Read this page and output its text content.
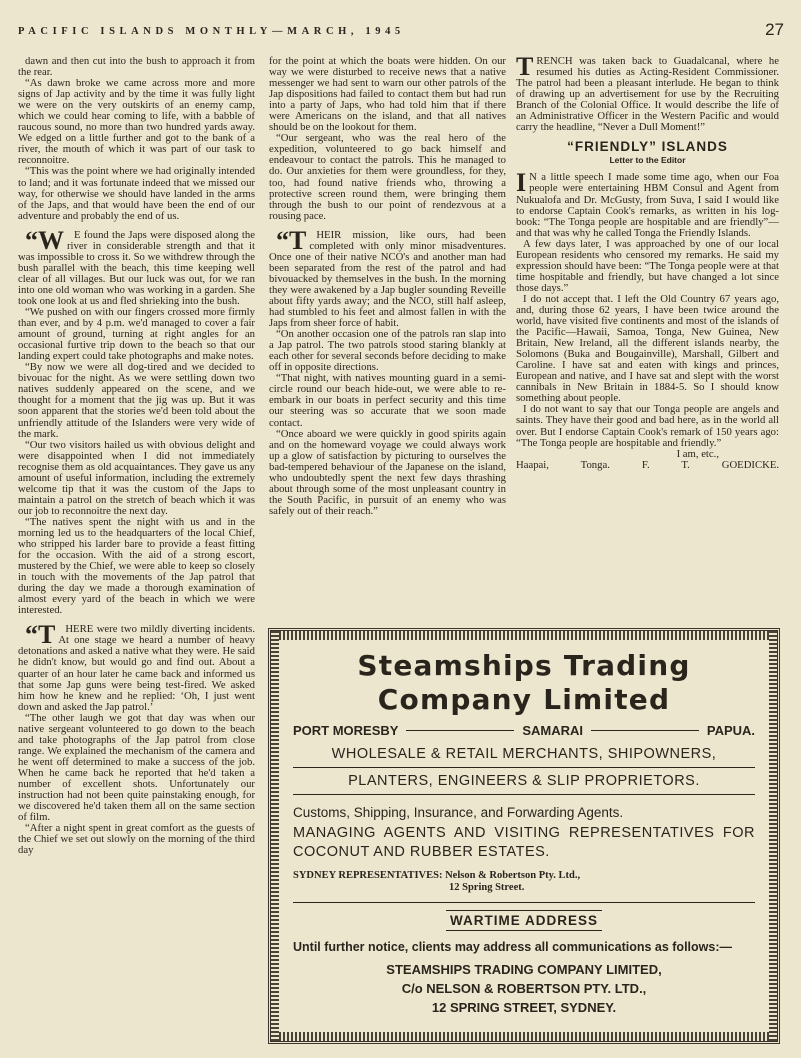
PACIFIC ISLANDS MONTHLY—MARCH, 1945	27

dawn and then cut into the bush to approach it from the rear.

“As dawn broke we came across more and more signs of Jap activity and by the time it was fully light we were on the very outskirts of an enemy camp, which we could hear coming to life, with a babble of raucous sound, no more than two hundred yards away. We edged on a little further and got to the bank of a river, the mouth of which it was part of our task to reconnoitre.

“This was the point where we had originally intended to land; and it was fortunate indeed that we missed our way, for otherwise we should have landed in the arms of the Japs, and that would have been the end of our adventure and probably the end of us.

“W E found the Japs were disposed along the river in considerable strength and that it was impossible to cross it. So we withdrew through the bush parallel with the beach, this time keeping well clear of all villages. But our luck was out, for we ran into one old woman who was working in a garden. She took one look at us and fled shrieking into the bush.

“We pushed on with our fingers crossed more firmly than ever, and by 4 p.m. we'd managed to cover a fair amount of ground, turning at right angles for an occasional furtive trip down to the beach so that our landing expert could take photographs and make notes.

“By now we were all dog-tired and we decided to bivouac for the night. As we were settling down two natives suddenly appeared on the scene, and we thought for a moment that the jig was up. But it was soon apparent that the stories we'd been told about the unfriendly attitude of the Islanders were very wide of the mark.

“Our two visitors hailed us with obvious delight and were disappointed when I did not immediately recognise them as old acquaintances. They gave us any amount of useful information, including the extremely welcome tip that it was the custom of the Japs to maintain a patrol on the stretch of beach which it was our job to reconnoitre the next day.

“The natives spent the night with us and in the morning led us to the headquarters of the local Chief, who stripped his larder bare to provide a feast fitting for the occasion. With the aid of a strong escort, mustered by the Chief, we were able to keep so closely in touch with the movements of the Jap patrol that during the day we made a thorough examination of almost every yard of the beach in which we were interested.

“THERE were two mildly diverting incidents. At one stage we heard a number of heavy detonations and asked a native what they were. He said he didn't know, but would go and find out. About a quarter of an hour later he came back and informed us that some Jap guns were being test-fired. We asked him how he knew and he replied: ‘Oh, I just went down and asked the Jap patrol.’

“The other laugh we got that day was when our native sergeant volunteered to go down to the beach and take photographs of the Jap patrol from close range. We explained the mechanism of the camera and he went off determined to make a success of the job. When he came back he reported that he'd taken a number of excellent shots. Unfortunately our instruction had not been quite painstaking enough, for we discovered he'd taken them all on the same section of film.

“After a night spent in great comfort as the guests of the Chief we set out slowly on the morning of the third day

for the point at which the boats were hidden. On our way we were disturbed to receive news that a native messenger we had sent to warn our other patrols of the Jap dispositions had failed to contact them but had run into a party of Japs, who had told him that if there were Americans on the island, and that all natives should be on the lookout for them.

“Our sergeant, who was the real hero of the expedition, volunteered to go back himself and endeavour to contact the patrols. This he managed to do. Our anxieties for them were groundless, for they, too, had found native friends who, throwing a protective screen round them, were bringing them through the bush to our point of rendezvous at a rousing pace.

“THEIR mission, like ours, had been completed with only minor misadventures. Once one of their native NCO's and another man had been separated from the rest of the patrol and had bivouacked by themselves in the bush. In the morning they were awakened by a Jap bugler sounding Reveille about fifty yards away; and the NCO, still half asleep, had stumbled to his feet and almost fallen in with the Japs from sheer force of habit.

“On another occasion one of the patrols ran slap into a Jap patrol. The two patrols stood staring blankly at each other for several seconds before deciding to make off in opposite directions.

“That night, with natives mounting guard in a semi-circle round our beach hide-out, we were able to re-embark in our boats in perfect security and this time our steering was so accurate that we soon made contact.

“Once aboard we were quickly in good spirits again and on the homeward voyage we could always work up a glow of satisfaction by picturing to ourselves the bad-tempered behaviour of the Japanese on the island, who undoubtedly spent the next few days thrashing about through some of the most unpleasant country in the South Pacific, in pursuit of an enemy who was safely out of their reach.”

TRENCH was taken back to Guadalcanal, where he resumed his duties as Acting-Resident Commissioner. The patrol had been a pleasant interlude. He began to think of drawing up an advertisement for use by the Recruiting Branch of the Colonial Office. It would describe the life of an Administrative Officer in the Western Pacific and would carry the headline, “Never a Dull Moment!”

“FRIENDLY” ISLANDS

Letter to the Editor

I N a little speech I made some time ago, when our Foa people were entertaining HBM Consul and Agent from Nukualofa and Dr. McGusty, from Suva, I said I would like to endorse Captain Cook's remarks, as written in his log-book: “The Tonga people are hospitable and are friendly”—and that was why he called Tonga the Friendly Islands.

A few days later, I was approached by one of our local European residents who censored my remarks. He said my expression should have been: “The Tonga people were at that time hospitable and friendly, but have changed a lot since those days.”

I do not accept that. I left the Old Country 67 years ago, and, during those 62 years, I have been twice around the world, have visited five continents and most of the islands of the Pacific—Hawaii, Samoa, Tonga, New Guinea, New Britain, New Ireland, all the different islands nearby, the Solomons (Buka and Bougainville), Marshall, Gilbert and Caroline. I have sat and eaten with kings and princes, European and native, and I have sat and slept with the worst cannibals in New Britain in 1884-5. So I should know something about people.

I do not want to say that our Tonga people are angels and saints. They have their good and bad here, as in the world all over. But I endorse Captain Cook's remark of 150 years ago: “The Tonga people are hospitable and friendly.”

I am, etc.,

Haapai, Tonga.	F. T. GOEDICKE.

Steamships Trading
Company Limited
PORT MORESBY	SAMARAI	PAPUA.
WHOLESALE & RETAIL MERCHANTS, SHIPOWNERS,
PLANTERS, ENGINEERS & SLIP PROPRIETORS.
Customs, Shipping, Insurance, and Forwarding Agents.
MANAGING AGENTS AND VISITING REPRESENTATIVES FOR COCONUT AND RUBBER ESTATES.
SYDNEY REPRESENTATIVES: Nelson & Robertson Pty. Ltd.,
12 Spring Street.
WARTIME ADDRESS
Until further notice, clients may address all communications as follows:—
STEAMSHIPS TRADING COMPANY LIMITED,
C/o NELSON & ROBERTSON PTY. LTD.,
12 SPRING STREET, SYDNEY.
